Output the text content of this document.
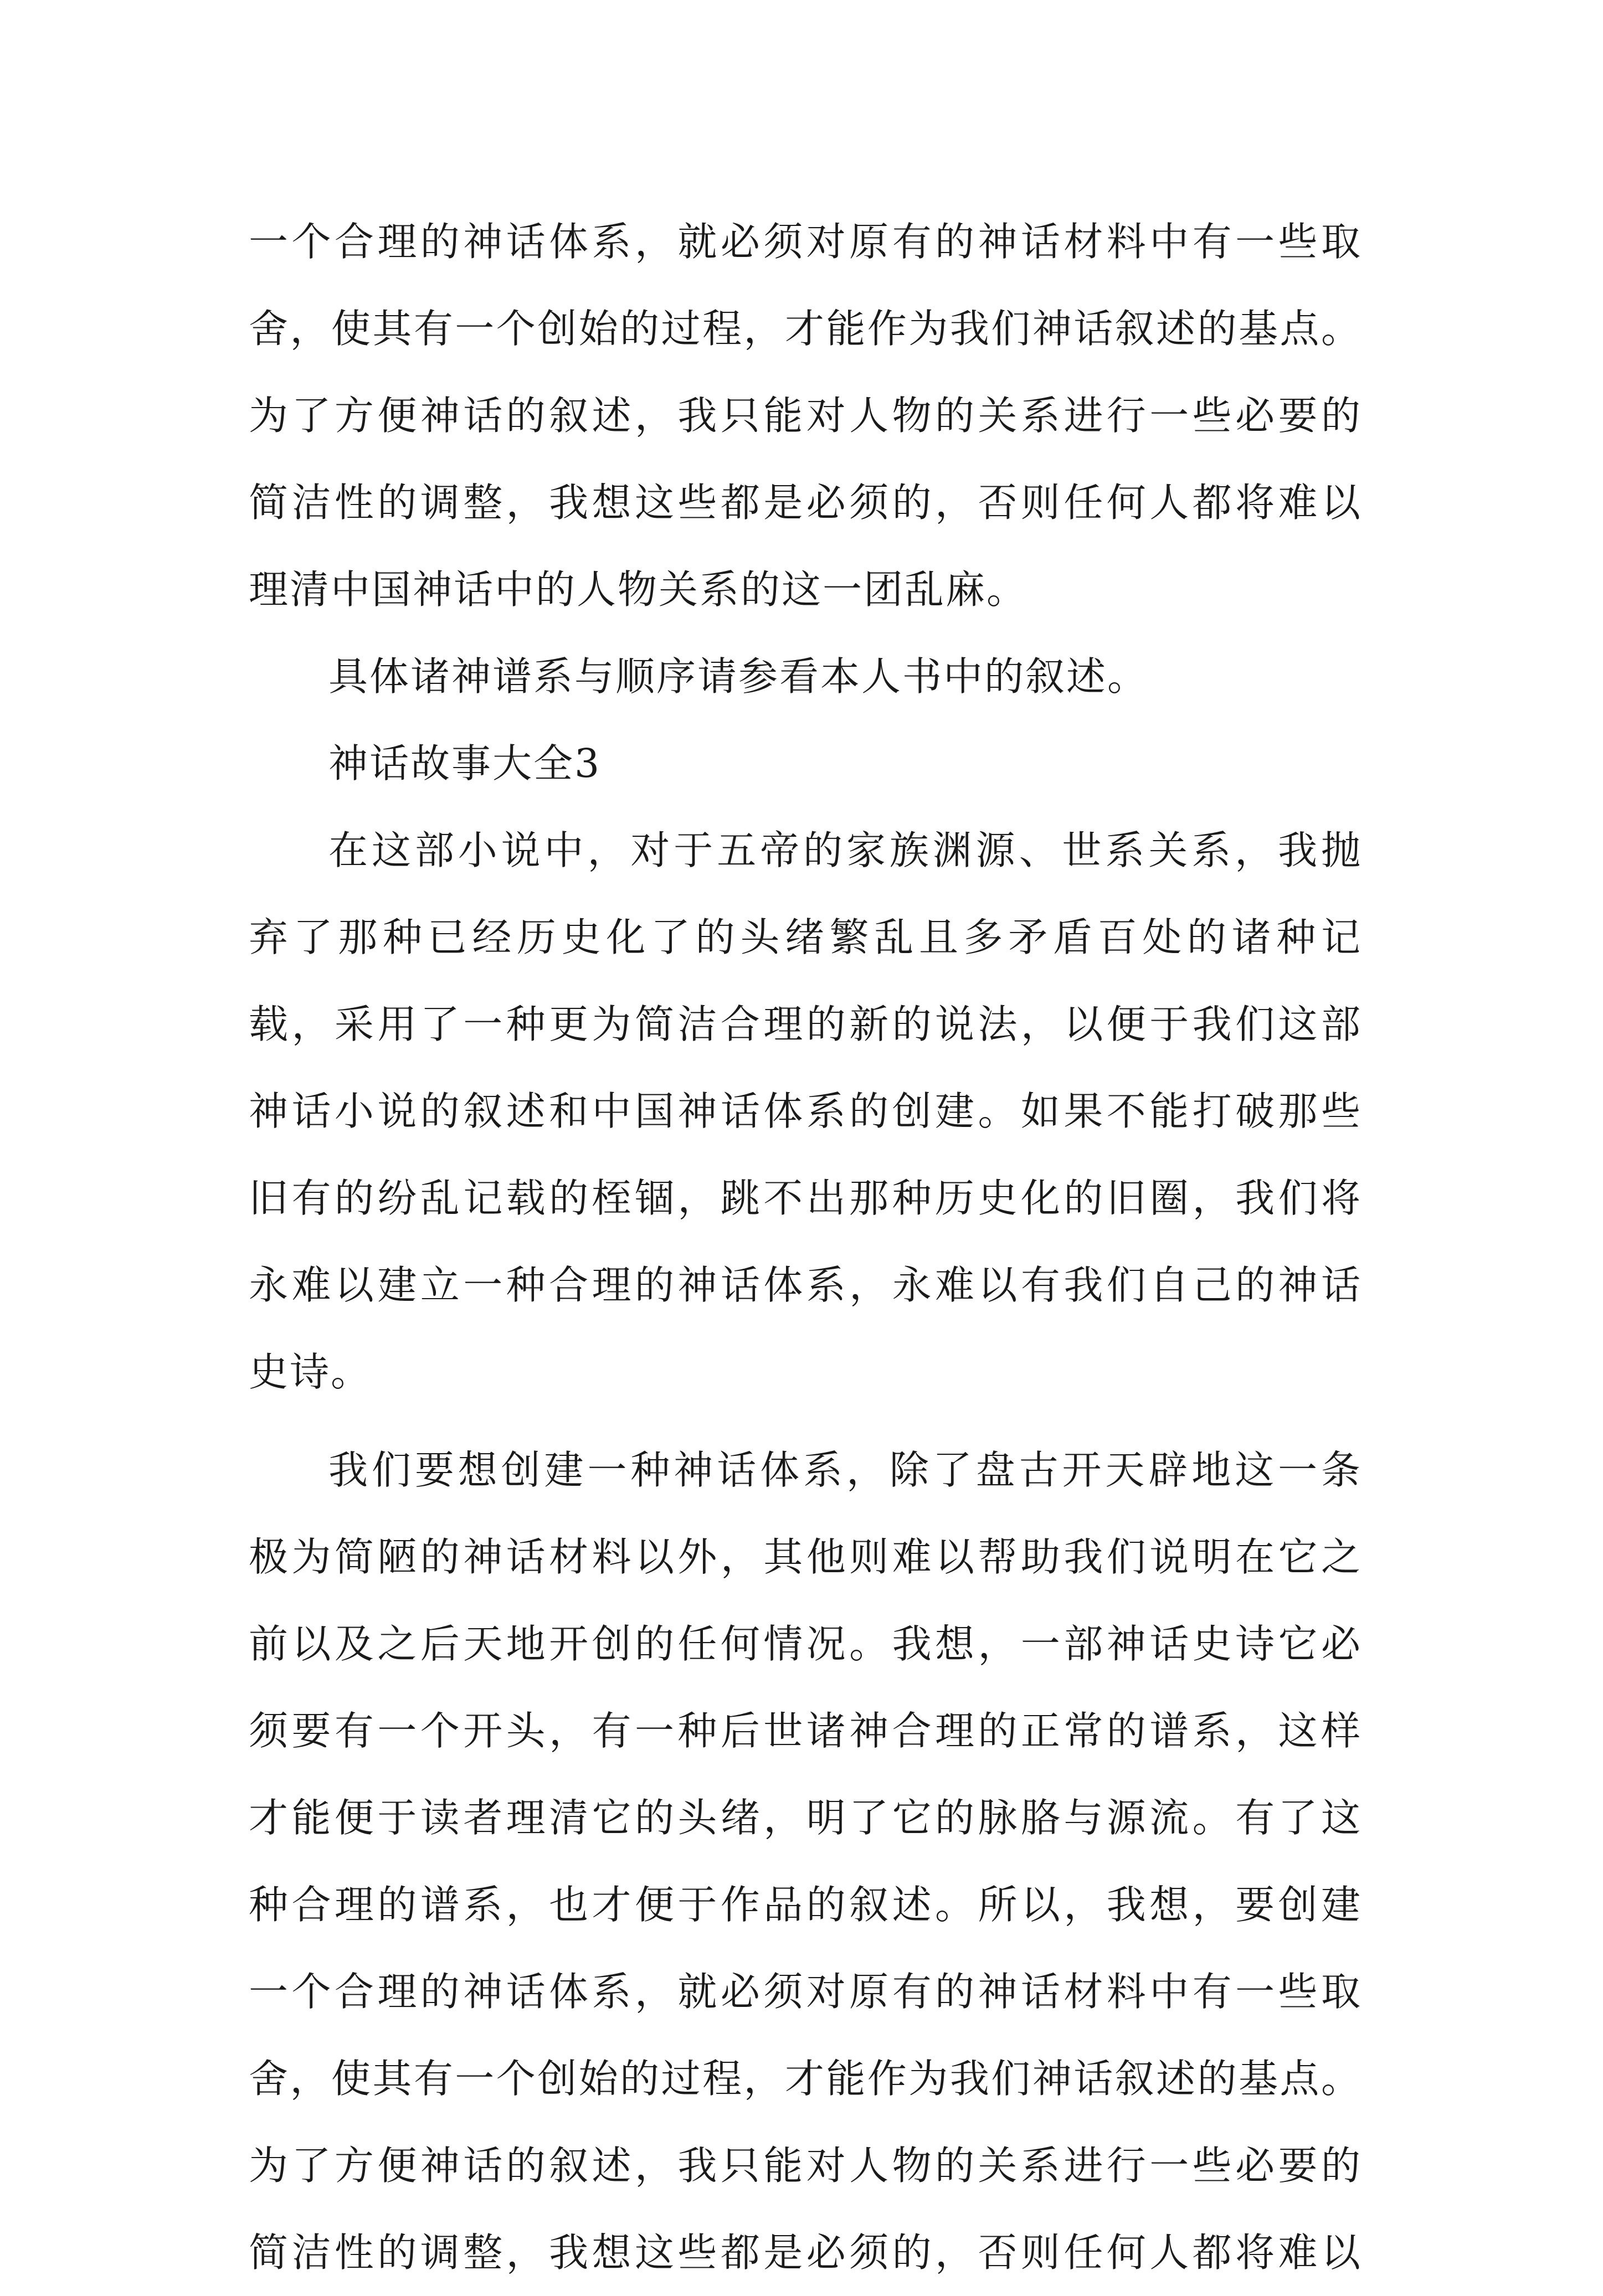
一个合理的神话体系，就必须对原有的神话材料中有一些取
舍，使其有一个创始的过程，才能作为我们神话叙述的基点。
为了方便神话的叙述，我只能对人物的关系进行一些必要的
简洁性的调整，我想这些都是必须的，否则任何人都将难以
理清中国神话中的人物关系的这一团乱麻。
具体诸神谱系与顺序请参看本人书中的叙述。
神话故事大全3
在这部小说中，对于五帝的家族渊源、世系关系，我抛
弃了那种已经历史化了的头绪繁乱且多矛盾百处的诸种记
载，采用了一种更为简洁合理的新的说法，以便于我们这部
神话小说的叙述和中国神话体系的创建。如果不能打破那些
旧有的纷乱记载的桎锢，跳不出那种历史化的旧圈，我们将
永难以建立一种合理的神话体系，永难以有我们自己的神话
史诗。
我们要想创建一种神话体系，除了盘古开天辟地这一条
极为简陋的神话材料以外，其他则难以帮助我们说明在它之
前以及之后天地开创的任何情况。我想，一部神话史诗它必
须要有一个开头，有一种后世诸神合理的正常的谱系，这样
才能便于读者理清它的头绪，明了它的脉胳与源流。有了这
种合理的谱系，也才便于作品的叙述。所以，我想，要创建
一个合理的神话体系，就必须对原有的神话材料中有一些取
舍，使其有一个创始的过程，才能作为我们神话叙述的基点。
为了方便神话的叙述，我只能对人物的关系进行一些必要的
简洁性的调整，我想这些都是必须的，否则任何人都将难以
